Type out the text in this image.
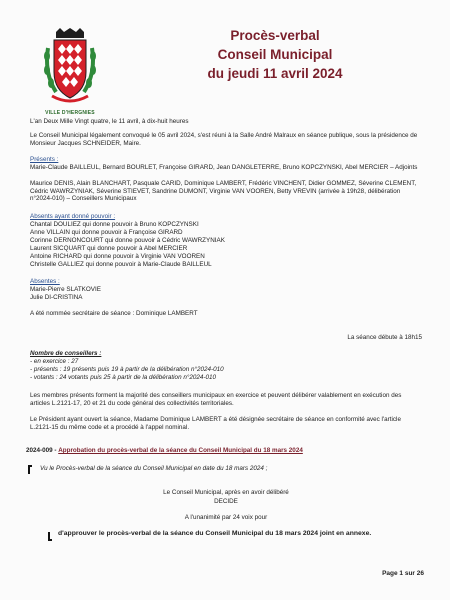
VILLE D'HERGNIES
Procès-verbal
Conseil Municipal
du jeudi 11 avril 2024
L'an Deux Mille Vingt quatre, le 11 avril, à dix-huit heures
Le Conseil Municipal légalement convoqué le 05 avril 2024, s'est réuni à la Salle André Malraux en séance publique, sous la présidence de Monsieur Jacques SCHNEIDER, Maire.
Présents :
Marie-Claude BAILLEUL, Bernard BOURLET, Françoise GIRARD, Jean DANGLETERRE, Bruno KOPCZYNSKI, Abel MERCIER – Adjoints
Maurice DENIS, Alain BLANCHART, Pasquale CARID, Dominique LAMBERT, Frédéric VINCHENT, Didier GOMMEZ, Séverine CLEMENT, Cédric WAWRZYNIAK, Séverine STIEVET, Sandrine DUMONT, Virginie VAN VOOREN, Betty VREVIN (arrivée à 19h28, délibération n°2024-010) – Conseillers Municipaux
Absents ayant donné pouvoir :
Chantal DOULIEZ qui donne pouvoir à Bruno KOPCZYNSKI
Anne VILLAIN qui donne pouvoir à Françoise GIRARD
Corinne DERNONCOURT qui donne pouvoir à Cédric WAWRZYNIAK
Laurent SICQUART qui donne pouvoir à Abel MERCIER
Antoine RICHARD qui donne pouvoir à Virginie VAN VOOREN
Christelle GALLIEZ qui donne pouvoir à Marie-Claude BAILLEUL
Absentes :
Marie-Pierre SLATKOVIE
Julie DI-CRISTINA
A été nommée secrétaire de séance : Dominique LAMBERT
La séance débute à 18h15
Nombre de conseillers :
- en exercice : 27
- présents : 19 présents puis 19 à partir de la délibération n°2024-010
- votants : 24 votants puis 25 à partir de la délibération n°2024-010
Les membres présents forment la majorité des conseillers municipaux en exercice et peuvent délibérer valablement en exécution des articles L.2121-17, 20 et 21 du code général des collectivités territoriales.
Le Président ayant ouvert la séance, Madame Dominique LAMBERT a été désignée secrétaire de séance en conformité avec l'article L.2121-15 du même code et a procédé à l'appel nominal.
2024-009 - Approbation du procès-verbal de la séance du Conseil Municipal du 18 mars 2024
Vu le Procès-verbal de la séance du Conseil Municipal en date du 18 mars 2024 ;
Le Conseil Municipal, après en avoir délibéré
DECIDE
A l'unanimité par 24 voix pour
d'approuver le procès-verbal de la séance du Conseil Municipal du 18 mars 2024 joint en annexe.
Page 1 sur 26
